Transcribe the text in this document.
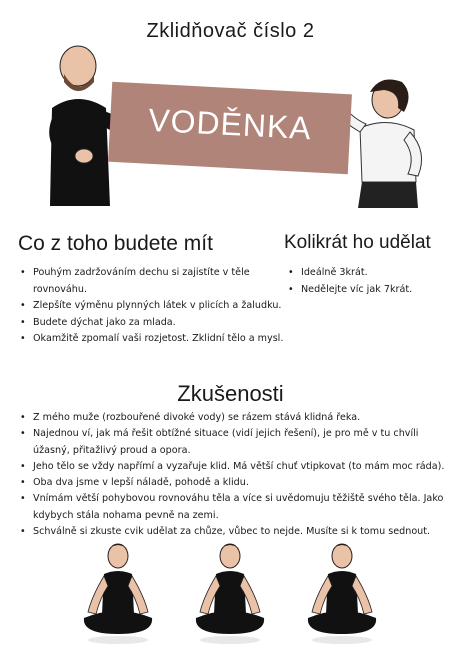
Zklidňovač číslo 2
VODĚNKA
Co z toho budete mít
• Pouhým zadržováním dechu si zajistíte v těle rovnováhu.
• Zlepšíte výměnu plynných látek v plicích a žaludku.
• Budete dýchat jako za mlada.
• Okamžitě zpomalí vaši rozjetost. Zklidní tělo a mysl.
Kolikrát ho udělat
• Ideálně 3krát.
• Nedělejte víc jak 7krát.
Zkušenosti
• Z mého muže (rozbouřené divoké vody) se rázem stává klidná řeka.
• Najednou ví, jak má řešit obtížné situace (vidí jejich řešení), je pro mě v tu chvíli úžasný, přitažlivý proud a opora.
• Jeho tělo se vždy napřímí a vyzařuje klid. Má větší chuť vtipkovat (to mám moc ráda).
• Oba dva jsme v lepší náladě, pohodě a klidu.
• Vnímám větší pohybovou rovnováhu těla a více si uvědomuju těžiště svého těla. Jako kdybych stála nohama pevně na zemi.
• Schválně si zkuste cvik udělat za chůze, vůbec to nejde. Musíte si k tomu sednout.
